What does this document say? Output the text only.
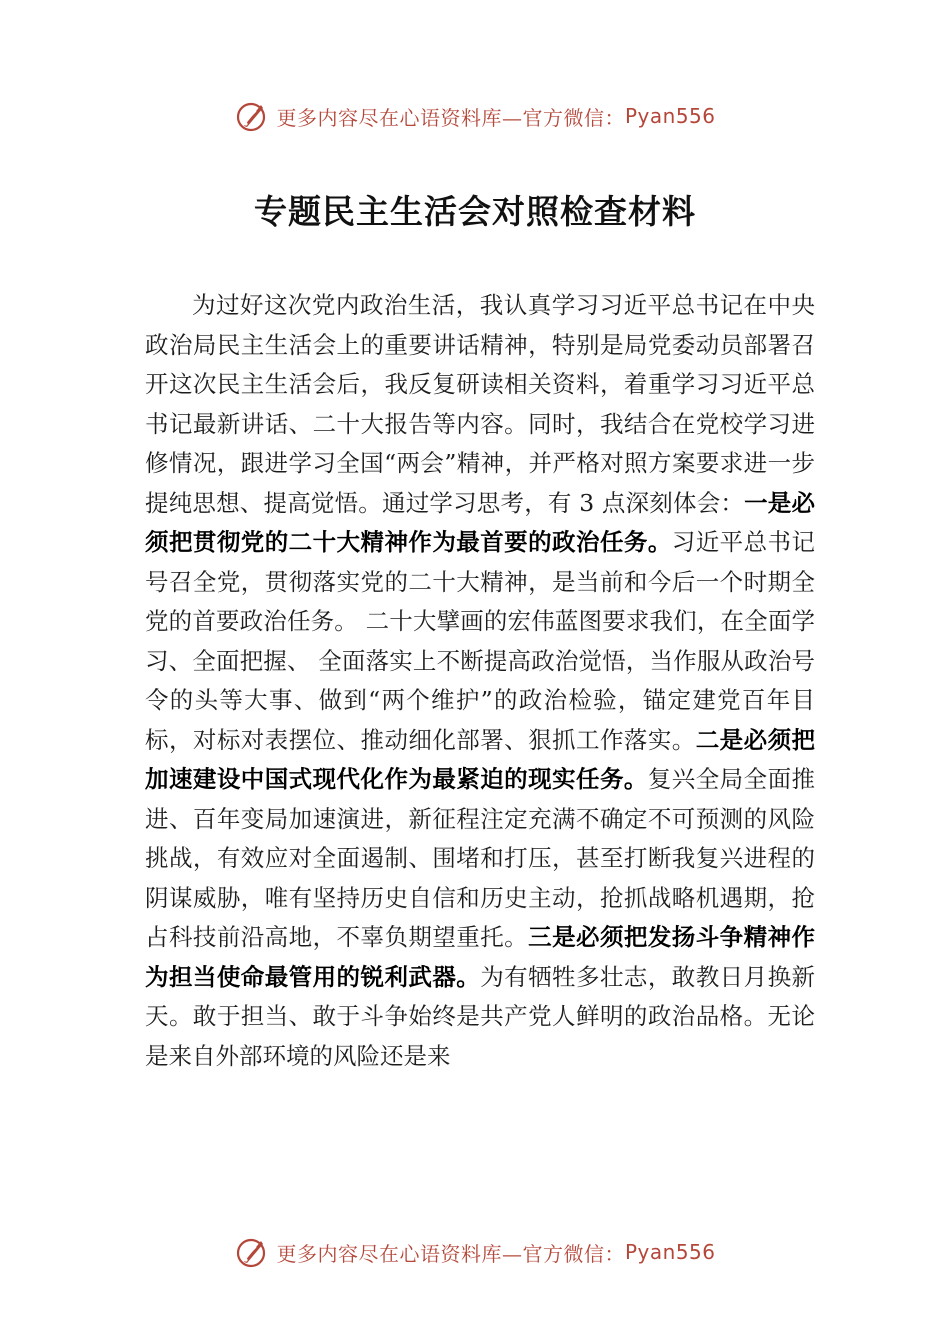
更多内容尽在心语资料库—官方微信： Pyan556
专题民主生活会对照检查材料

为过好这次党内政治生活，我认真学习习近平总书记在中央政治局民主生活会上的重要讲话精神，特别是局党委动员部署召开这次民主生活会后，我反复研读相关资料，着重学习习近平总书记最新讲话、二十大报告等内容。同时，我结合在党校学习进修情况，跟进学习全国“两会”精神，并严格对照方案要求进一步提纯思想、提高觉悟。通过学习思考，有 3 点深刻体会：一是必须把贯彻党的二十大精神作为最首要的政治任务。习近平总书记号召全党，贯彻落实党的二十大精神，是当前和今后一个时期全党的首要政治任务。 二十大擘画的宏伟蓝图要求我们，在全面学习、全面把握、 全面落实上不断提高政治觉悟，当作服从政治号令的头等大事、做到“两个维护”的政治检验，锚定建党百年目标，对标对表摆位、推动细化部署、狠抓工作落实。二是必须把加速建设中国式现代化作为最紧迫的现实任务。复兴全局全面推进、百年变局加速演进，新征程注定充满不确定不可预测的风险挑战，有效应对全面遏制、围堵和打压，甚至打断我复兴进程的阴谋威胁，唯有坚持历史自信和历史主动，抢抓战略机遇期，抢占科技前沿高地，不辜负期望重托。三是必须把发扬斗争精神作为担当使命最管用的锐利武器。为有牺牲多壮志，敢教日月换新天。敢于担当、敢于斗争始终是共产党人鲜明的政治品格。无论是来自外部环境的风险还是来

更多内容尽在心语资料库—官方微信： Pyan556
